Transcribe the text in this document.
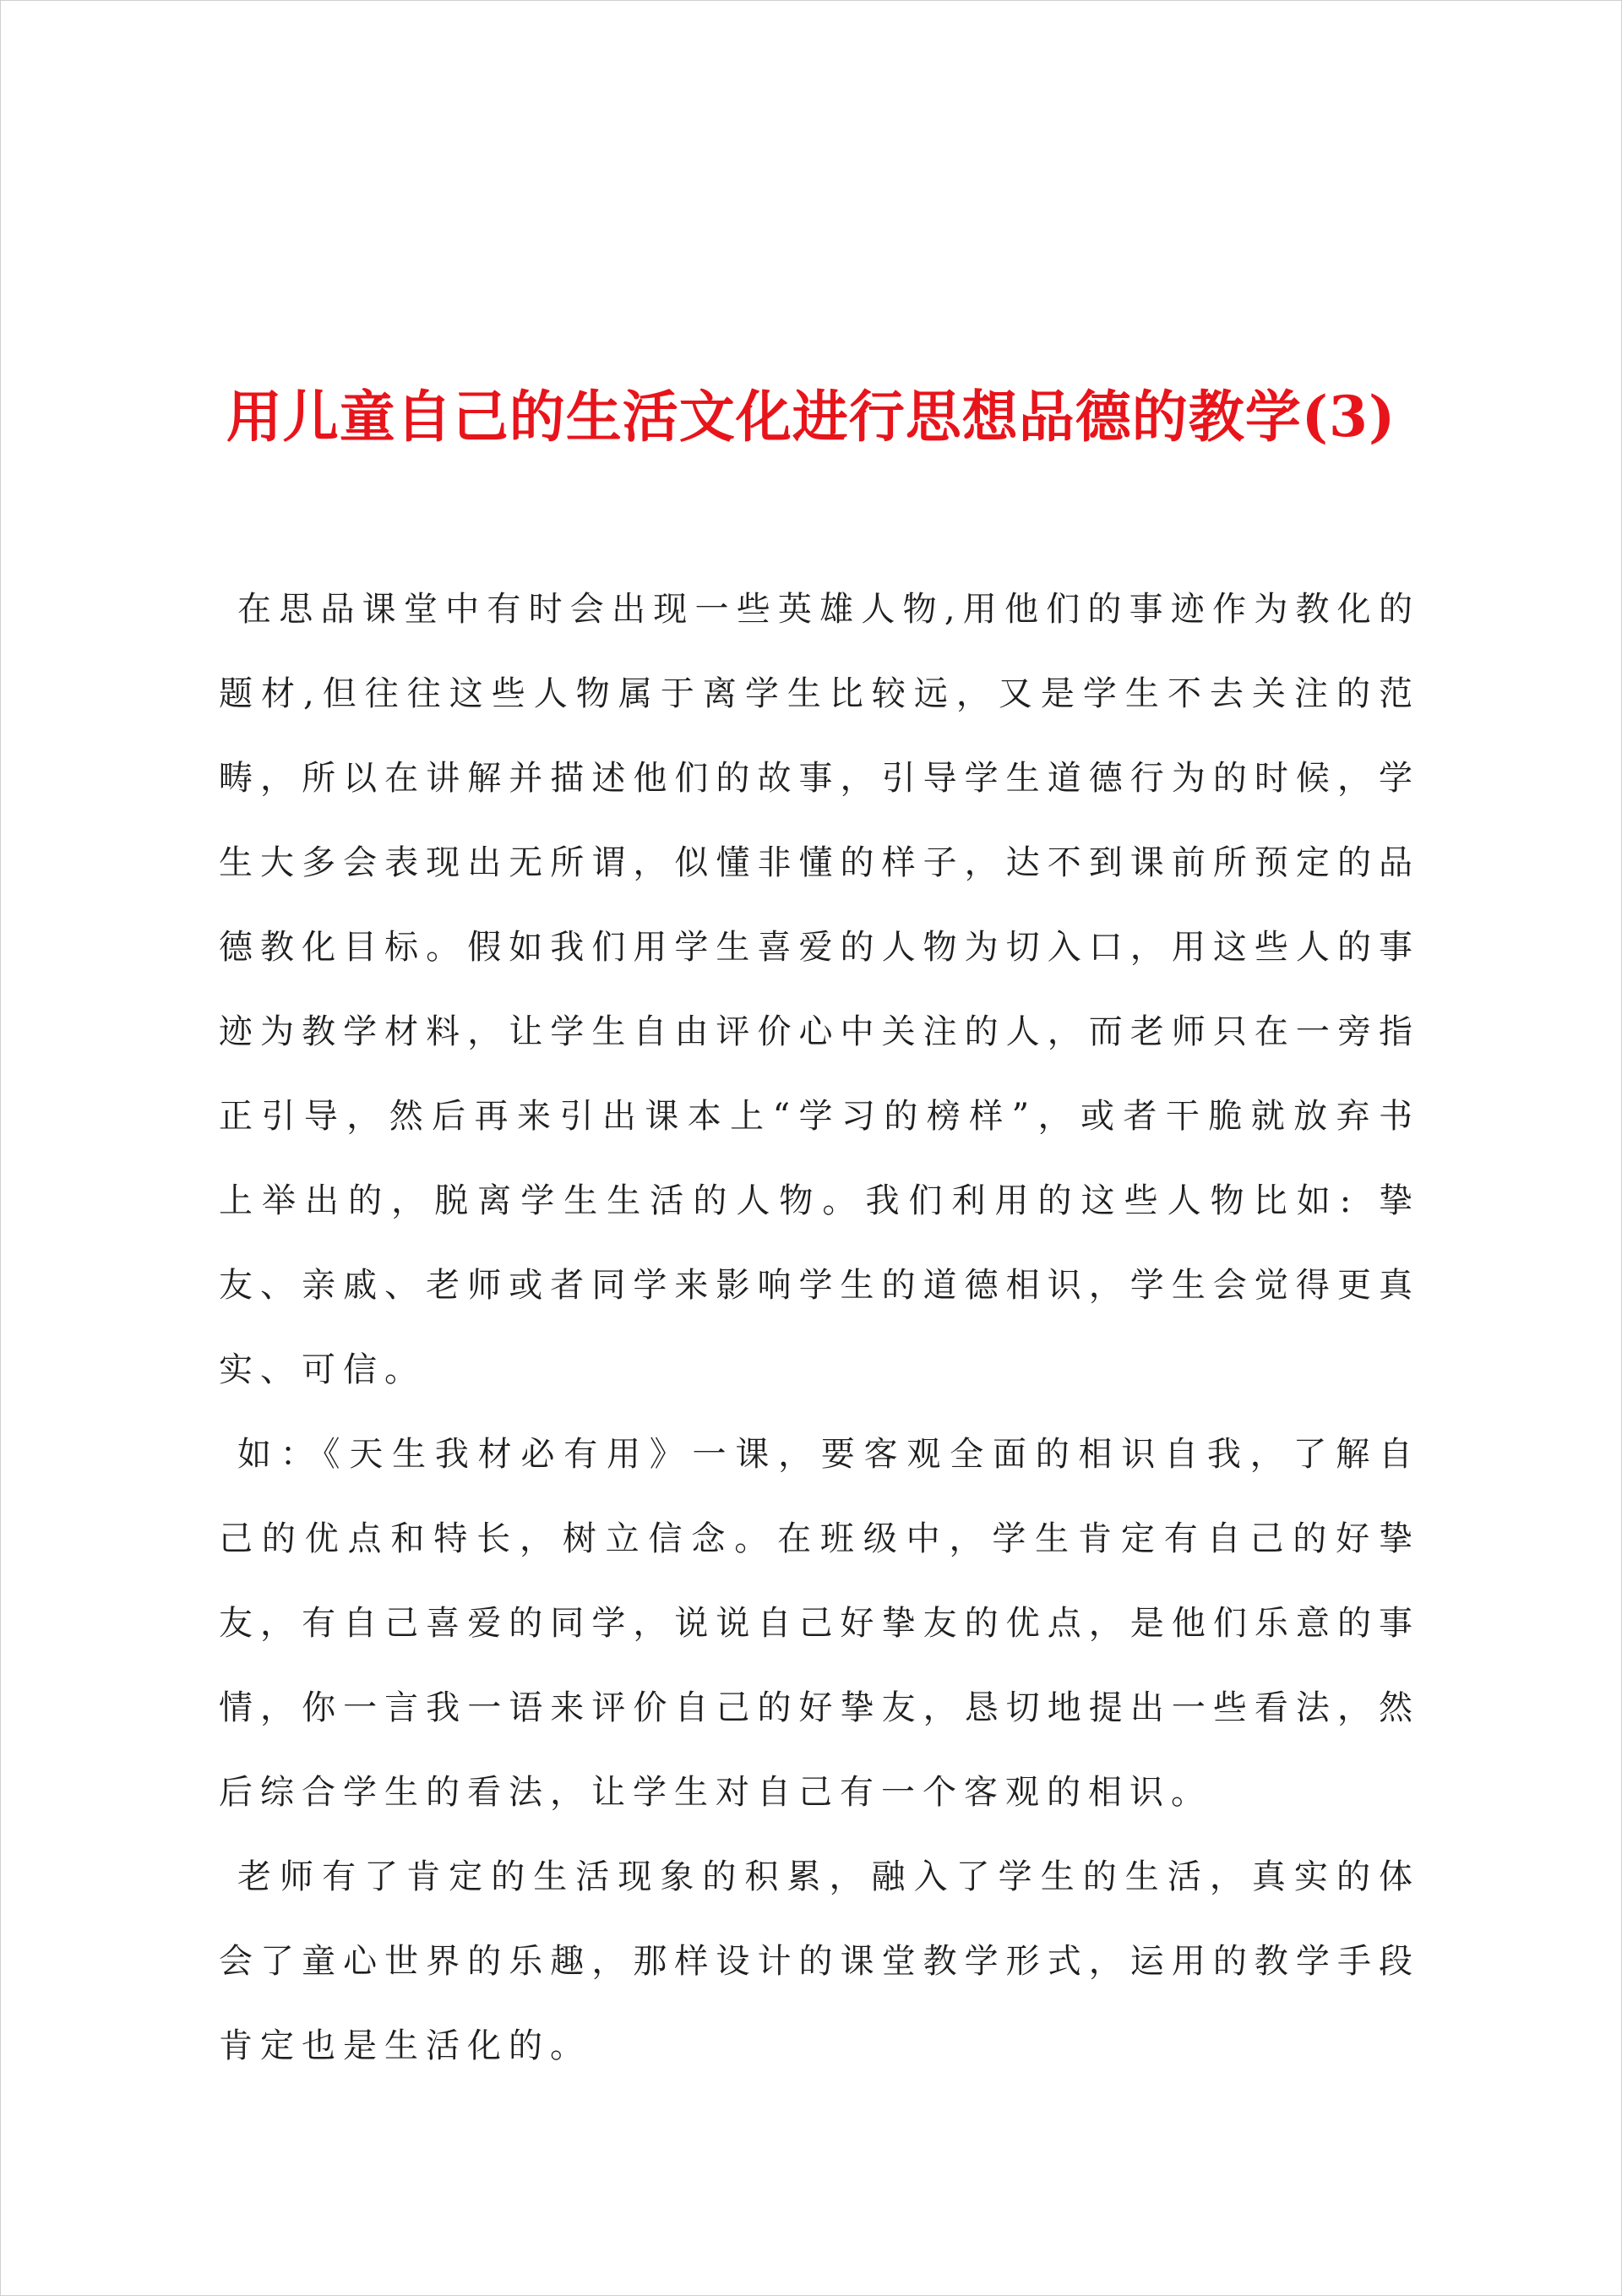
用儿童自己的生活文化进行思想品德的教学(3)

在思品课堂中有时会出现一些英雄人物,用他们的事迹作为教化的题材,但往往这些人物属于离学生比较远，又是学生不去关注的范畴，所以在讲解并描述他们的故事，引导学生道德行为的时候，学生大多会表现出无所谓，似懂非懂的样子，达不到课前所预定的品德教化目标。假如我们用学生喜爱的人物为切入口，用这些人的事迹为教学材料，让学生自由评价心中关注的人，而老师只在一旁指正引导，然后再来引出课本上“学习的榜样”，或者干脆就放弃书上举出的，脱离学生生活的人物。我们利用的这些人物比如: 挚友、亲戚、老师或者同学来影响学生的道德相识，学生会觉得更真实、可信。

如：《天生我材必有用》一课，要客观全面的相识自我，了解自己的优点和特长，树立信念。在班级中，学生肯定有自己的好挚友，有自己喜爱的同学，说说自己好挚友的优点，是他们乐意的事情，你一言我一语来评价自己的好挚友，恳切地提出一些看法，然后综合学生的看法，让学生对自己有一个客观的相识。

老师有了肯定的生活现象的积累，融入了学生的生活，真实的体会了童心世界的乐趣，那样设计的课堂教学形式，运用的教学手段肯定也是生活化的。
